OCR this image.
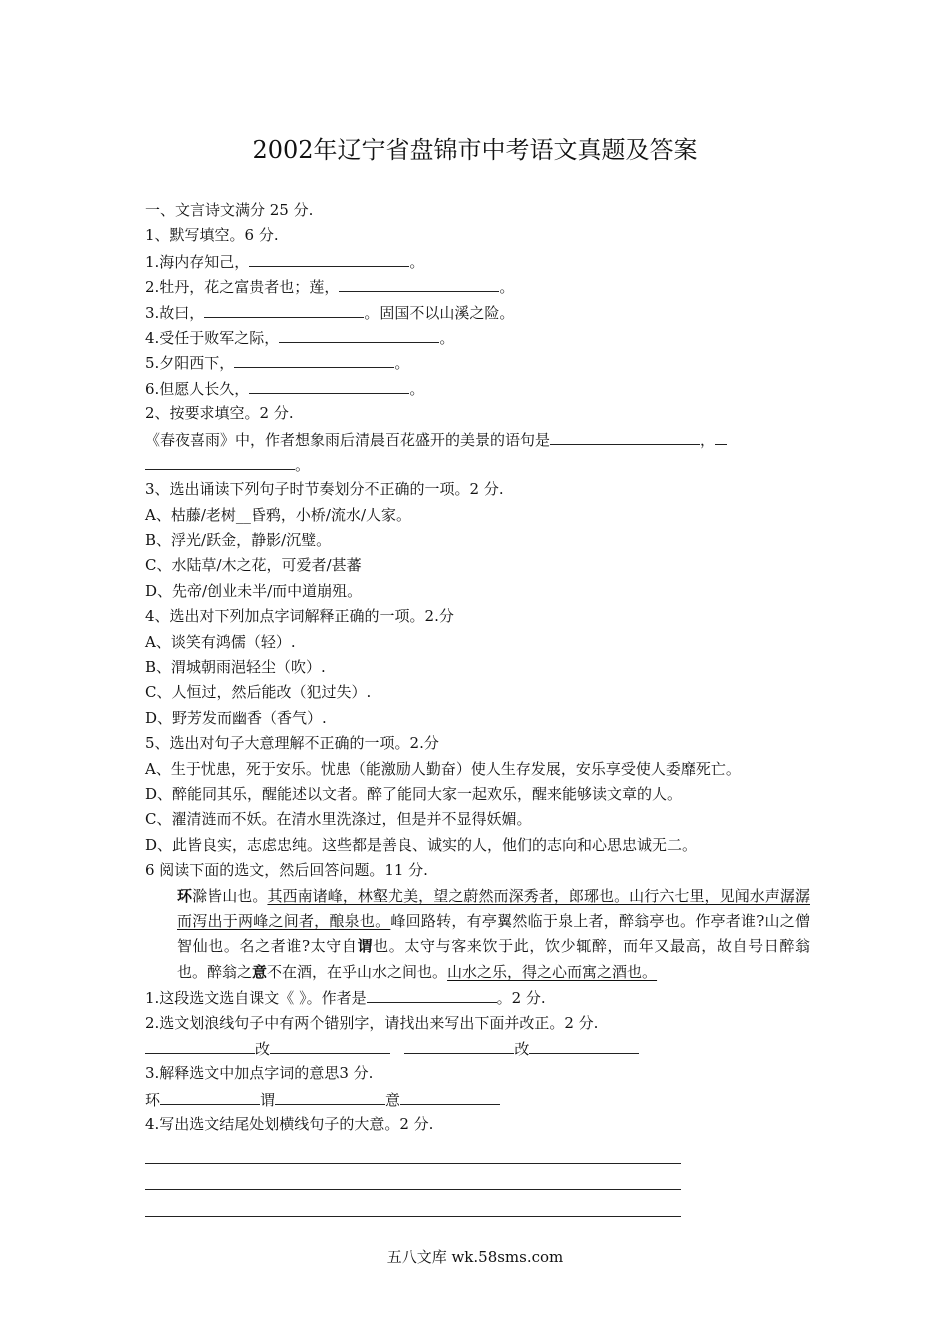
2002年辽宁省盘锦市中考语文真题及答案
一、文言诗文满分 25 分.
1、默写填空。6 分.
1.海内存知己，	。
2.牡丹，花之富贵者也；莲，	。
3.故曰，	。固国不以山溪之险。
4.受任于败军之际，	。
5.夕阳西下，	。
6.但愿人长久，	。
2、按要求填空。2 分.
《春夜喜雨》中，作者想象雨后清晨百花盛开的美景的语句是	，
。
3、选出诵读下列句子时节奏划分不正确的一项。2 分.
A、枯藤/老树__昏鸦，小桥/流水/人家。
B、浮光/跃金，静影/沉璧。
C、水陆草/木之花，可爱者/甚蕃
D、先帝/创业未半/而中道崩殂。
4、选出对下列加点字词解释正确的一项。2.分
A、谈笑有鸿儒（轻）.
B、渭城朝雨浥轻尘（吹）.
C、人恒过，然后能改（犯过失）.
D、野芳发而幽香（香气）.
5、选出对句子大意理解不正确的一项。2.分
A、生于忧患，死于安乐。忧患（能激励人勤奋）使人生存发展，安乐享受使人委靡死亡。
D、醉能同其乐，醒能述以文者。醉了能同大家一起欢乐，醒来能够读文章的人。
C、濯清涟而不妖。在清水里洗涤过，但是并不显得妖媚。
D、此皆良实，志虑忠纯。这些都是善良、诚实的人，他们的志向和心思忠诚无二。
6 阅读下面的选文，然后回答问题。11 分.
环滁皆山也。其西南诸峰，林壑尤美，望之蔚然而深秀者，郎琊也。山行六七里，见闻水声潺潺而泻出于两峰之间者，酿泉也。峰回路转，有亭翼然临于泉上者，醉翁亭也。作亭者谁?山之僧智仙也。名之者谁?太守自谓也。太守与客来饮于此，饮少辄醉，而年又最高，故自号日醉翁也。醉翁之意不在酒，在乎山水之间也。山水之乐，得之心而寓之酒也。
1.这段选文选自课文《 》。作者是	。2 分.
2.选文划浪线句子中有两个错别字，请找出来写出下面并改正。2 分.
改	改
3.解释选文中加点字词的意思3 分.
环	谓	意
4.写出选文结尾处划横线句子的大意。2 分.
五八文库 wk.58sms.com
